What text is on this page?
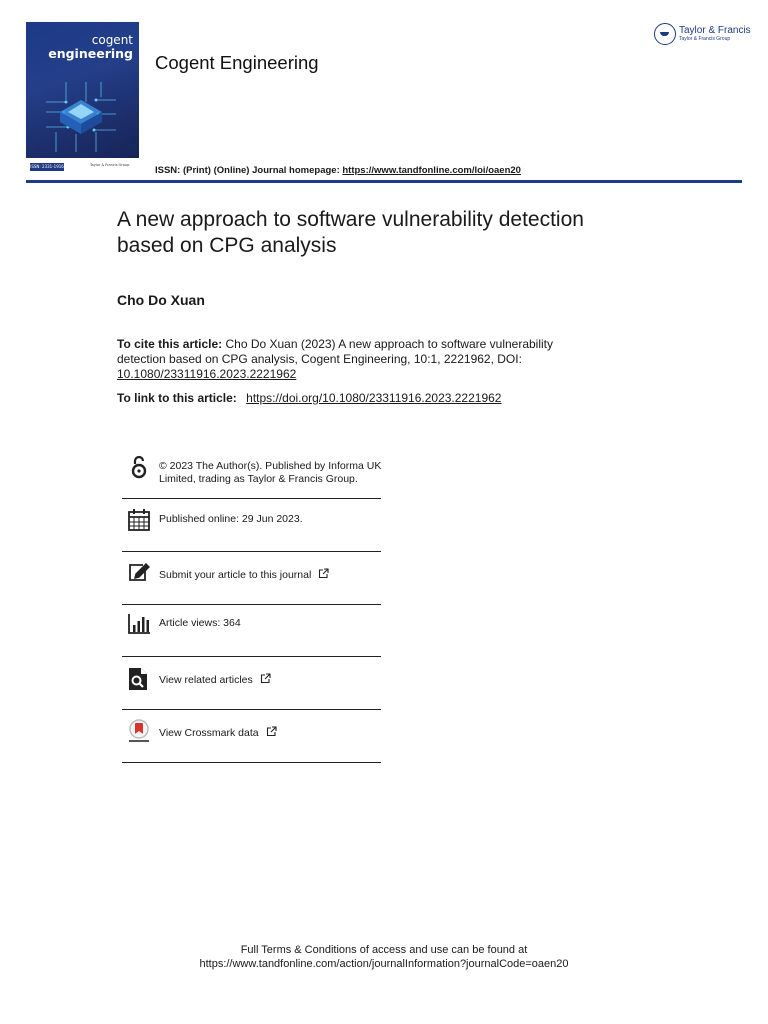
cogent
engineering
ISSN: 2331-1916	Taylor & Francis Group
Cogent Engineering
Taylor & Francis
Taylor & Francis Group
ISSN: (Print) (Online) Journal homepage: https://www.tandfonline.com/loi/oaen20
A new approach to software vulnerability detection based on CPG analysis
Cho Do Xuan
To cite this article: Cho Do Xuan (2023) A new approach to software vulnerability detection based on CPG analysis, Cogent Engineering, 10:1, 2221962, DOI:
10.1080/23311916.2023.2221962
To link to this article: https://doi.org/10.1080/23311916.2023.2221962
© 2023 The Author(s). Published by Informa UK Limited, trading as Taylor & Francis Group.
Published online: 29 Jun 2023.
Submit your article to this journal
Article views: 364
View related articles
View Crossmark data
Full Terms & Conditions of access and use can be found at
https://www.tandfonline.com/action/journalInformation?journalCode=oaen20
